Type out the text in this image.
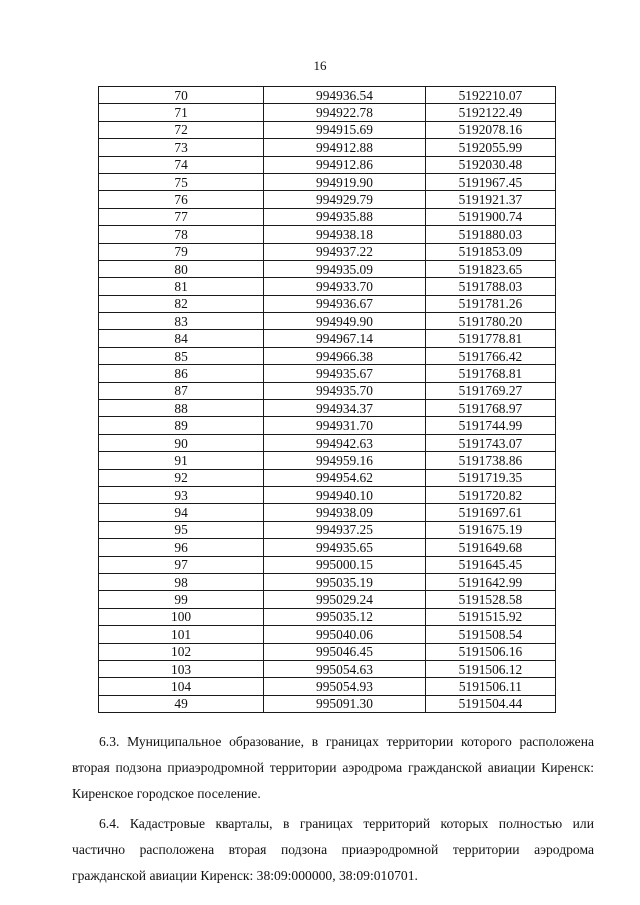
16
70	994936.54	5192210.07
71	994922.78	5192122.49
72	994915.69	5192078.16
73	994912.88	5192055.99
74	994912.86	5192030.48
75	994919.90	5191967.45
76	994929.79	5191921.37
77	994935.88	5191900.74
78	994938.18	5191880.03
79	994937.22	5191853.09
80	994935.09	5191823.65
81	994933.70	5191788.03
82	994936.67	5191781.26
83	994949.90	5191780.20
84	994967.14	5191778.81
85	994966.38	5191766.42
86	994935.67	5191768.81
87	994935.70	5191769.27
88	994934.37	5191768.97
89	994931.70	5191744.99
90	994942.63	5191743.07
91	994959.16	5191738.86
92	994954.62	5191719.35
93	994940.10	5191720.82
94	994938.09	5191697.61
95	994937.25	5191675.19
96	994935.65	5191649.68
97	995000.15	5191645.45
98	995035.19	5191642.99
99	995029.24	5191528.58
100	995035.12	5191515.92
101	995040.06	5191508.54
102	995046.45	5191506.16
103	995054.63	5191506.12
104	995054.93	5191506.11
49	995091.30	5191504.44

6.3. Муниципальное образование, в границах территории которого расположена вторая подзона приаэродромной территории аэродрома гражданской авиации Киренск: Киренское городское поселение.

6.4. Кадастровые кварталы, в границах территорий которых полностью или частично расположена вторая подзона приаэродромной территории аэродрома гражданской авиации Киренск: 38:09:000000, 38:09:010701.
